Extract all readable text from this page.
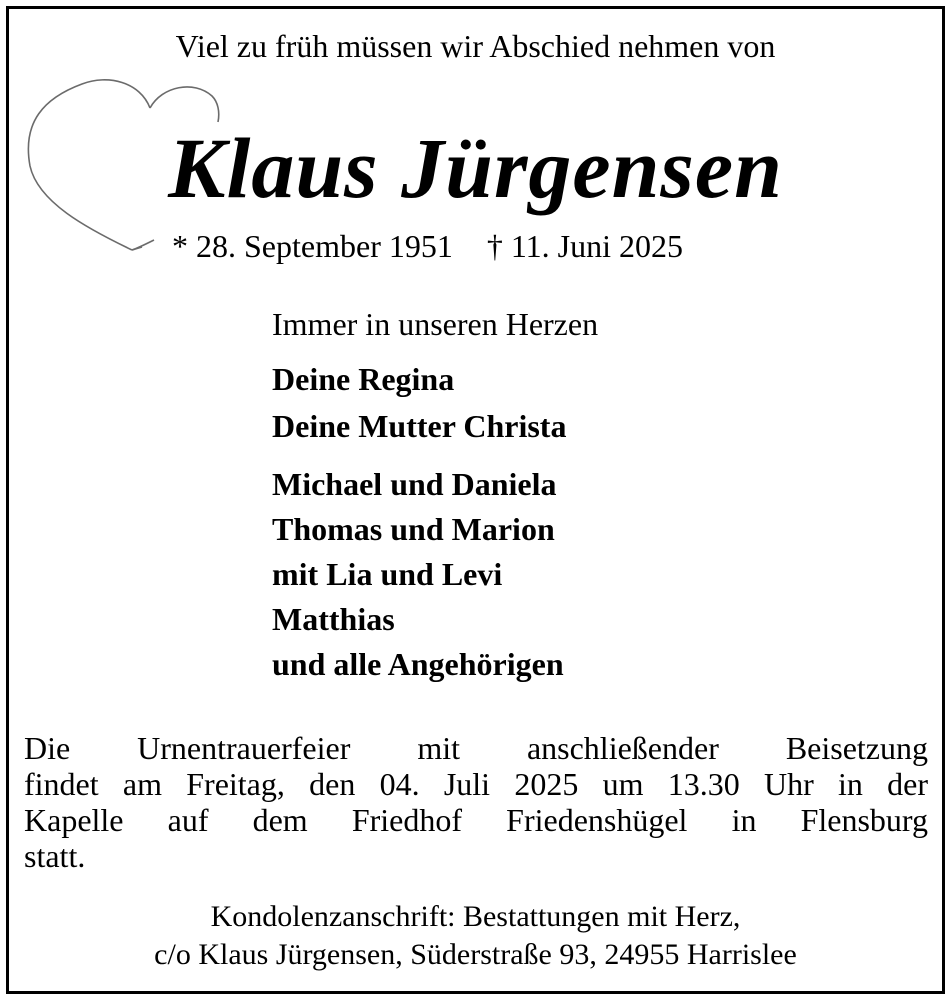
Viel zu früh müssen wir Abschied nehmen von
Klaus Jürgensen
* 28. September 1951 † 11. Juni 2025
Immer in unseren Herzen
Deine Regina
Deine Mutter Christa
Michael und Daniela
Thomas und Marion
mit Lia und Levi
Matthias
und alle Angehörigen
Die Urnentrauerfeier mit anschließender Beisetzung
findet am Freitag, den 04. Juli 2025 um 13.30 Uhr in der
Kapelle auf dem Friedhof Friedenshügel in Flensburg
statt.
Kondolenzanschrift: Bestattungen mit Herz,
c/o Klaus Jürgensen, Süderstraße 93, 24955 Harrislee
